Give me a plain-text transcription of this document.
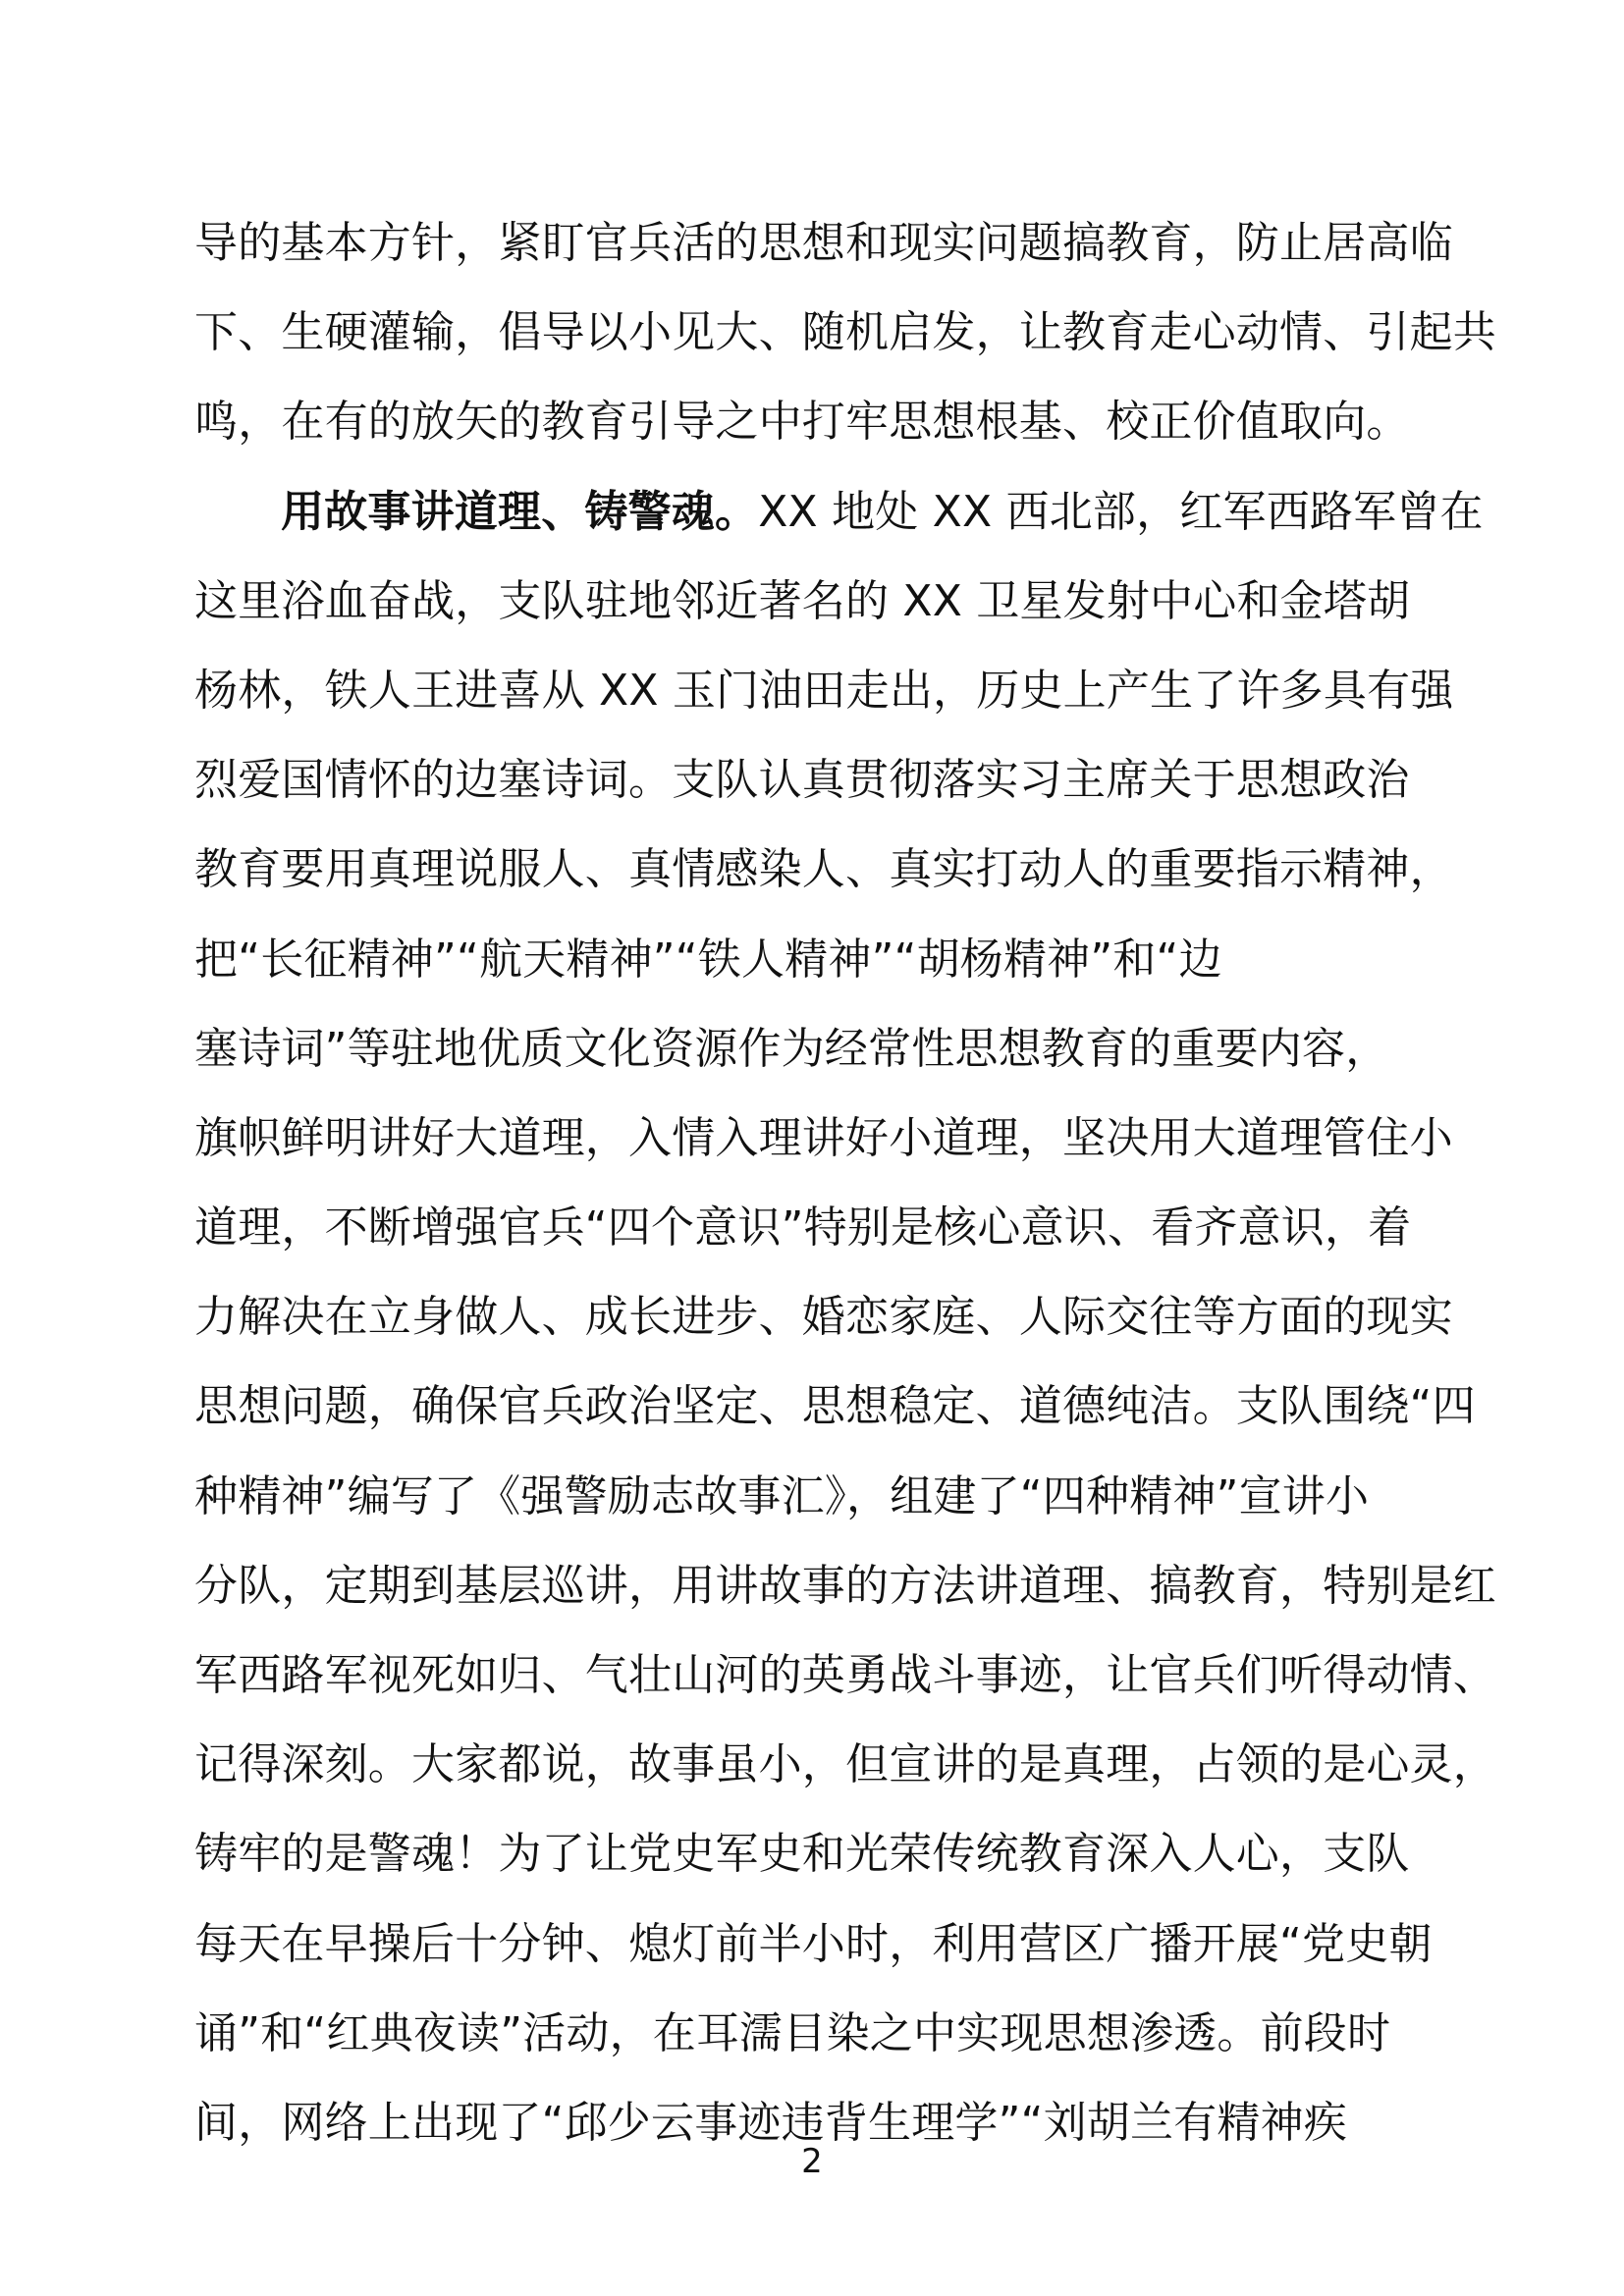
导的基本方针，紧盯官兵活的思想和现实问题搞教育，防止居高临
下、生硬灌输，倡导以小见大、随机启发，让教育走心动情、引起共
鸣，在有的放矢的教育引导之中打牢思想根基、校正价值取向。
用故事讲道理、铸警魂。XX 地处 XX 西北部，红军西路军曾在
这里浴血奋战，支队驻地邻近著名的 XX 卫星发射中心和金塔胡
杨林，铁人王进喜从 XX 玉门油田走出，历史上产生了许多具有强
烈爱国情怀的边塞诗词。支队认真贯彻落实习主席关于思想政治
教育要用真理说服人、真情感染人、真实打动人的重要指示精神，
把“长征精神”“航天精神”“铁人精神”“胡杨精神”和“边
塞诗词”等驻地优质文化资源作为经常性思想教育的重要内容，
旗帜鲜明讲好大道理，入情入理讲好小道理，坚决用大道理管住小
道理，不断增强官兵“四个意识”特别是核心意识、看齐意识，着
力解决在立身做人、成长进步、婚恋家庭、人际交往等方面的现实
思想问题，确保官兵政治坚定、思想稳定、道德纯洁。支队围绕“四
种精神”编写了《强警励志故事汇》，组建了“四种精神”宣讲小
分队，定期到基层巡讲，用讲故事的方法讲道理、搞教育，特别是红
军西路军视死如归、气壮山河的英勇战斗事迹，让官兵们听得动情、
记得深刻。大家都说，故事虽小，但宣讲的是真理，占领的是心灵，
铸牢的是警魂！为了让党史军史和光荣传统教育深入人心，支队
每天在早操后十分钟、熄灯前半小时，利用营区广播开展“党史朝
诵”和“红典夜读”活动，在耳濡目染之中实现思想渗透。前段时
间，网络上出现了“邱少云事迹违背生理学”“刘胡兰有精神疾
2
